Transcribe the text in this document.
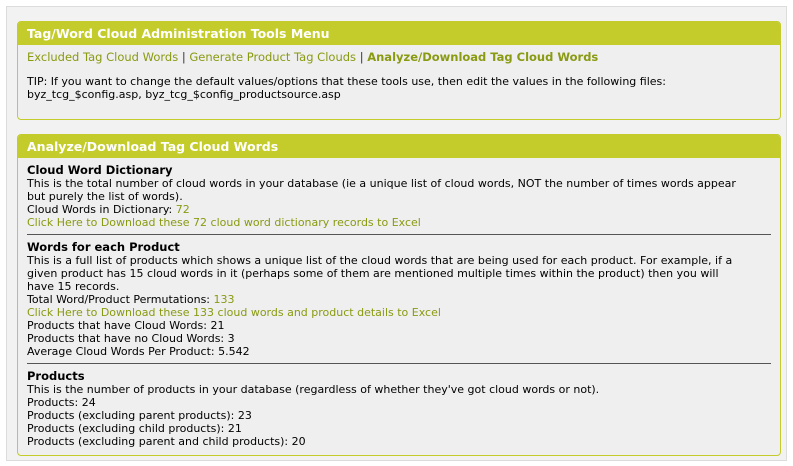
Tag/Word Cloud Administration Tools Menu
Excluded Tag Cloud Words | Generate Product Tag Clouds | Analyze/Download Tag Cloud Words
TIP: If you want to change the default values/options that these tools use, then edit the values in the following files:
byz_tcg_$config.asp, byz_tcg_$config_productsource.asp
Analyze/Download Tag Cloud Words
Cloud Word Dictionary
This is the total number of cloud words in your database (ie a unique list of cloud words, NOT the number of times words appear
but purely the list of words).
Cloud Words in Dictionary: 72
Click Here to Download these 72 cloud word dictionary records to Excel
Words for each Product
This is a full list of products which shows a unique list of the cloud words that are being used for each product. For example, if a
given product has 15 cloud words in it (perhaps some of them are mentioned multiple times within the product) then you will
have 15 records.
Total Word/Product Permutations: 133
Click Here to Download these 133 cloud words and product details to Excel
Products that have Cloud Words: 21
Products that have no Cloud Words: 3
Average Cloud Words Per Product: 5.542
Products
This is the number of products in your database (regardless of whether they've got cloud words or not).
Products: 24
Products (excluding parent products): 23
Products (excluding child products): 21
Products (excluding parent and child products): 20
